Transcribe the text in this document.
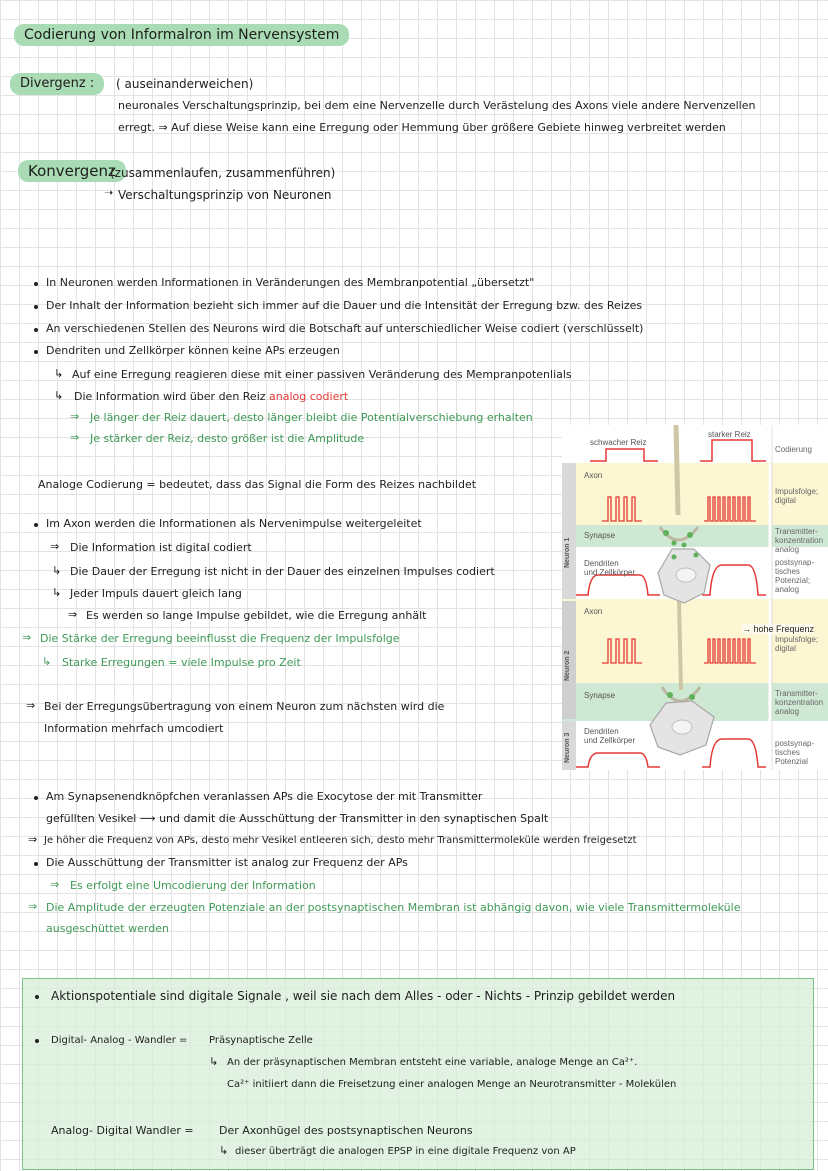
Codierung von Informalron im Nervensystem
Divergenz :	( auseinanderweichen)
neuronales Verschaltungsprinzip, bei dem eine Nervenzelle durch Verästelung des Axons viele andere Nervenzellen
erregt. ⇒ Auf diese Weise kann eine Erregung oder Hemmung über größere Gebiete hinweg verbreitet werden
Konvergenz
(zusammenlaufen, zusammenführen)
➝ Verschaltungsprinzip von Neuronen
In Neuronen werden Informationen in Veränderungen des Membranpotential „übersetzt"
Der Inhalt der Information bezieht sich immer auf die Dauer und die Intensität der Erregung bzw. des Reizes
An verschiedenen Stellen des Neurons wird die Botschaft auf unterschiedlicher Weise codiert (verschlüsselt)
Dendriten und Zellkörper können keine APs erzeugen
↳ Auf eine Erregung reagieren diese mit einer passiven Veränderung des Mempranpotenlials
↳ Die Information wird über den Reiz analog codiert
⇒ Je länger der Reiz dauert, desto länger bleibt die Potentialverschiebung erhalten
⇒ Je stärker der Reiz, desto größer ist die Amplitude
Analoge Codierung = bedeutet, dass das Signal die Form des Reizes nachbildet
Im Axon werden die Informationen als Nervenimpulse weitergeleitet
⇒ Die Information ist digital codiert
↳ Die Dauer der Erregung ist nicht in der Dauer des einzelnen Impulses codiert
↳ Jeder Impuls dauert gleich lang
⇒ Es werden so lange Impulse gebildet, wie die Erregung anhält
⇒ Die Stärke der Erregung beeinflusst die Frequenz der Impulsfolge
↳ Starke Erregungen = viele Impulse pro Zeit
⇒ Bei der Erregungsübertragung von einem Neuron zum nächsten wird die
Information mehrfach umcodiert
Neuron 1
Neuron 2
Neuron 3
schwacher Reiz
starker Reiz
Codierung
Axon
Synapse
Dendriten
und Zellkörper
Axon
Synapse
Dendriten
und Zellkörper
Impulsfolge;
digital
Transmitter-
konzentration
analog
postsynap-
tisches
Potenzial;
analog
Impulsfolge;
digital
Transmitter-
konzentration
analog
postsynap-
tisches
Potenzial
→ hohe Frequenz
Am Synapsenendknöpfchen veranlassen APs die Exocytose der mit Transmitter
gefüllten Vesikel ⟶ und damit die Ausschüttung der Transmitter in den synaptischen Spalt
⇒ Je höher die Frequenz von APs, desto mehr Vesikel entleeren sich, desto mehr Transmittermoleküle werden freigesetzt
Die Ausschüttung der Transmitter ist analog zur Frequenz der APs
⇒ Es erfolgt eine Umcodierung der Information
⇒ Die Amplitude der erzeugten Potenziale an der postsynaptischen Membran ist abhängig davon, wie viele Transmittermoleküle
ausgeschüttet werden
Aktionspotentiale sind digitale Signale , weil sie nach dem Alles - oder - Nichts - Prinzip gebildet werden
Digital- Analog - Wandler = Präsynaptische Zelle
↳ An der präsynaptischen Membran entsteht eine variable, analoge Menge an Ca²⁺.
Ca²⁺ initiiert dann die Freisetzung einer analogen Menge an Neurotransmitter - Molekülen
Analog- Digital Wandler = Der Axonhügel des postsynaptischen Neurons
↳ dieser überträgt die analogen EPSP in eine digitale Frequenz von AP
